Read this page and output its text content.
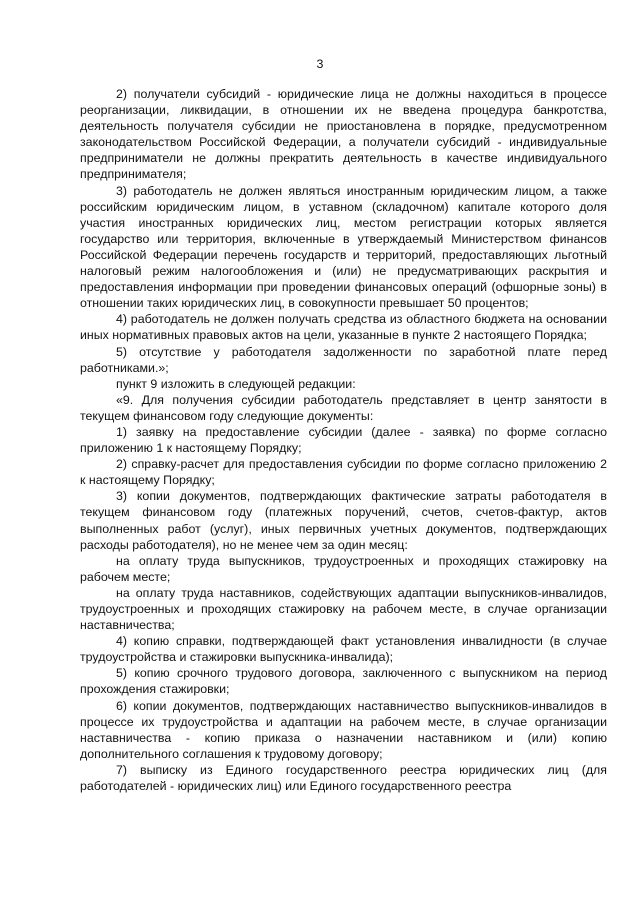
3

2) получатели субсидий - юридические лица не должны находиться в процессе реорганизации, ликвидации, в отношении их не введена процедура банкротства, деятельность получателя субсидии не приостановлена в порядке, предусмотренном законодательством Российской Федерации, а получатели субсидий - индивидуальные предприниматели не должны прекратить деятельность в качестве индивидуального предпринимателя;

3) работодатель не должен являться иностранным юридическим лицом, а также российским юридическим лицом, в уставном (складочном) капитале которого доля участия иностранных юридических лиц, местом регистрации которых является государство или территория, включенные в утверждаемый Министерством финансов Российской Федерации перечень государств и территорий, предоставляющих льготный налоговый режим налогообложения и (или) не предусматривающих раскрытия и предоставления информации при проведении финансовых операций (офшорные зоны) в отношении таких юридических лиц, в совокупности превышает 50 процентов;

4) работодатель не должен получать средства из областного бюджета на основании иных нормативных правовых актов на цели, указанные в пункте 2 настоящего Порядка;

5) отсутствие у работодателя задолженности по заработной плате перед работниками.»;

пункт 9 изложить в следующей редакции:

«9. Для получения субсидии работодатель представляет в центр занятости в текущем финансовом году следующие документы:

1) заявку на предоставление субсидии (далее - заявка) по форме согласно приложению 1 к настоящему Порядку;

2) справку-расчет для предоставления субсидии по форме согласно приложению 2 к настоящему Порядку;

3) копии документов, подтверждающих фактические затраты работодателя в текущем финансовом году (платежных поручений, счетов, счетов-фактур, актов выполненных работ (услуг), иных первичных учетных документов, подтверждающих расходы работодателя), но не менее чем за один месяц:

на оплату труда выпускников, трудоустроенных и проходящих стажировку на рабочем месте;

на оплату труда наставников, содействующих адаптации выпускников-инвалидов, трудоустроенных и проходящих стажировку на рабочем месте, в случае организации наставничества;

4) копию справки, подтверждающей факт установления инвалидности (в случае трудоустройства и стажировки выпускника-инвалида);

5) копию срочного трудового договора, заключенного с выпускником на период прохождения стажировки;

6) копии документов, подтверждающих наставничество выпускников-инвалидов в процессе их трудоустройства и адаптации на рабочем месте, в случае организации наставничества - копию приказа о назначении наставником и (или) копию дополнительного соглашения к трудовому договору;

7) выписку из Единого государственного реестра юридических лиц (для работодателей - юридических лиц) или Единого государственного реестра
